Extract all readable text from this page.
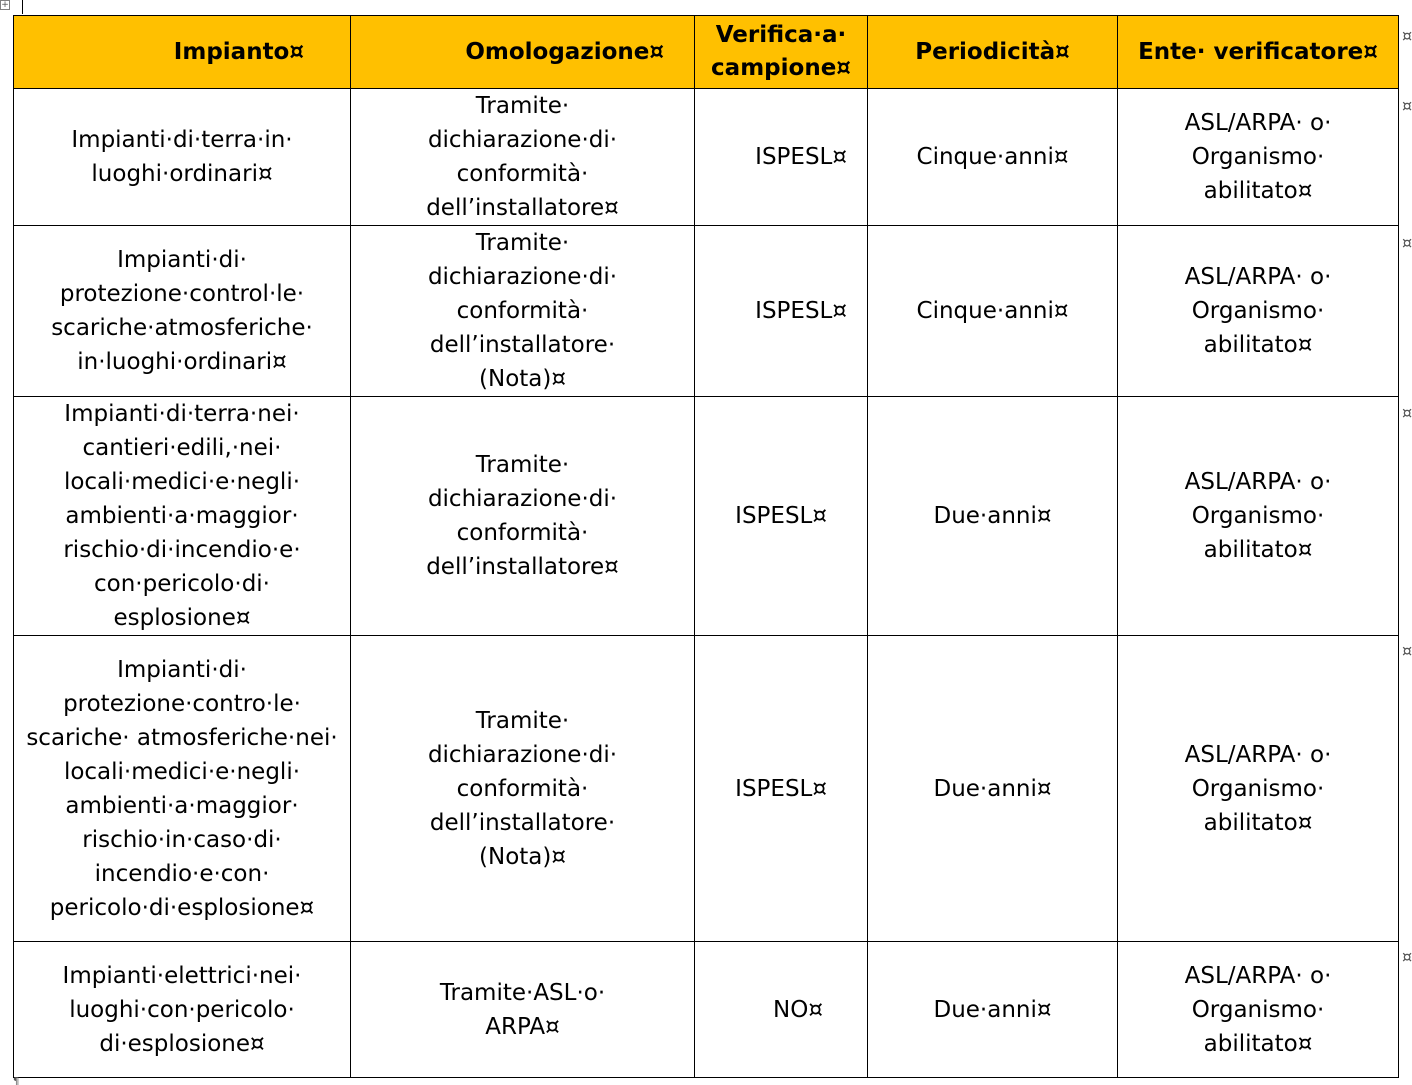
+
Impianto¤	Omologazione¤	Verifica·a· campione¤	Periodicità¤	Ente· verificatore¤
Impianti·di·terra·in· luoghi·ordinari¤	Tramite· dichiarazione·di· conformità· dell’installatore¤	ISPESL¤	Cinque·anni¤	ASL/ARPA· o· Organismo· abilitato¤
Impianti·di· protezione·control·le· scariche·atmosferiche· in·luoghi·ordinari¤	Tramite· dichiarazione·di· conformità· dell’installatore· (Nota)¤	ISPESL¤	Cinque·anni¤	ASL/ARPA· o· Organismo· abilitato¤
Impianti·di·terra·nei· cantieri·edili,·nei· locali·medici·e·negli· ambienti·a·maggior· rischio·di·incendio·e· con·pericolo·di· esplosione¤	Tramite· dichiarazione·di· conformità· dell’installatore¤	ISPESL¤	Due·anni¤	ASL/ARPA· o· Organismo· abilitato¤
Impianti·di· protezione·contro·le· scariche· atmosferiche·nei· locali·medici·e·negli· ambienti·a·maggior· rischio·in·caso·di· incendio·e·con· pericolo·di·esplosione¤	Tramite· dichiarazione·di· conformità· dell’installatore· (Nota)¤	ISPESL¤	Due·anni¤	ASL/ARPA· o· Organismo· abilitato¤
Impianti·elettrici·nei· luoghi·con·pericolo· di·esplosione¤	Tramite·ASL·o· ARPA¤	NO¤	Due·anni¤	ASL/ARPA· o· Organismo· abilitato¤
¤
¤
¤
¤
¤
¤
¶
